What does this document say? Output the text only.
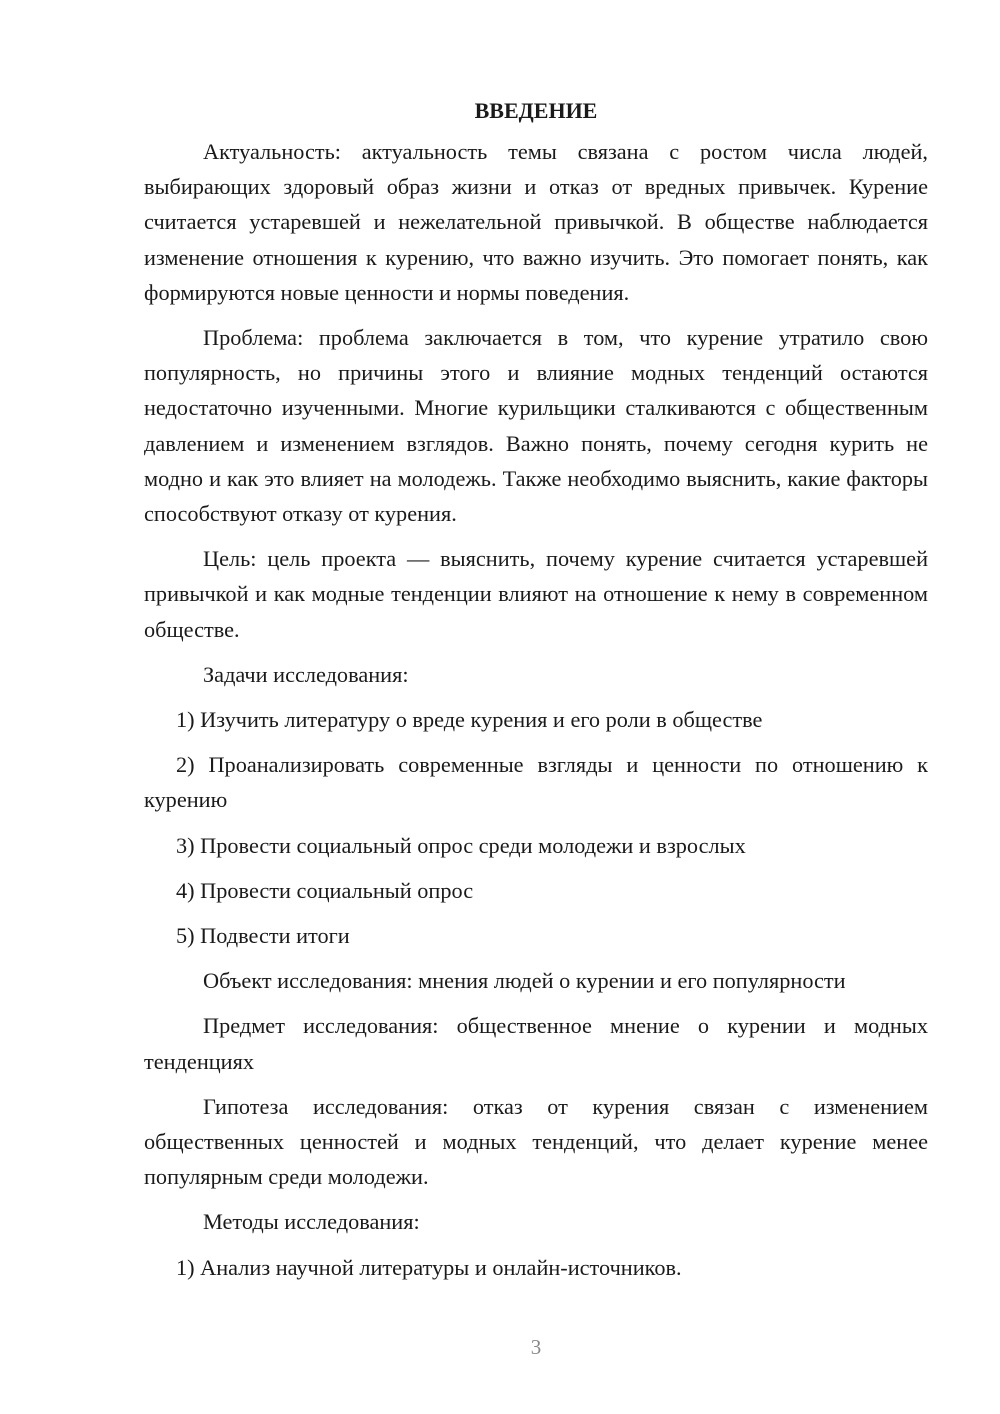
ВВЕДЕНИЕ

Актуальность: актуальность темы связана с ростом числа людей, выбирающих здоровый образ жизни и отказ от вредных привычек. Курение считается устаревшей и нежелательной привычкой. В обществе наблюдается изменение отношения к курению, что важно изучить. Это помогает понять, как формируются новые ценности и нормы поведения.

Проблема: проблема заключается в том, что курение утратило свою популярность, но причины этого и влияние модных тенденций остаются недостаточно изученными. Многие курильщики сталкиваются с общественным давлением и изменением взглядов. Важно понять, почему сегодня курить не модно и как это влияет на молодежь. Также необходимо выяснить, какие факторы способствуют отказу от курения.

Цель: цель проекта — выяснить, почему курение считается устаревшей привычкой и как модные тенденции влияют на отношение к нему в современном обществе.

Задачи исследования:

1) Изучить литературу о вреде курения и его роли в обществе

2) Проанализировать современные взгляды и ценности по отношению к курению

3) Провести социальный опрос среди молодежи и взрослых

4) Провести социальный опрос

5) Подвести итоги

Объект исследования: мнения людей о курении и его популярности

Предмет исследования: общественное мнение о курении и модных тенденциях

Гипотеза исследования: отказ от курения связан с изменением общественных ценностей и модных тенденций, что делает курение менее популярным среди молодежи.

Методы исследования:

1) Анализ научной литературы и онлайн-источников.

3
